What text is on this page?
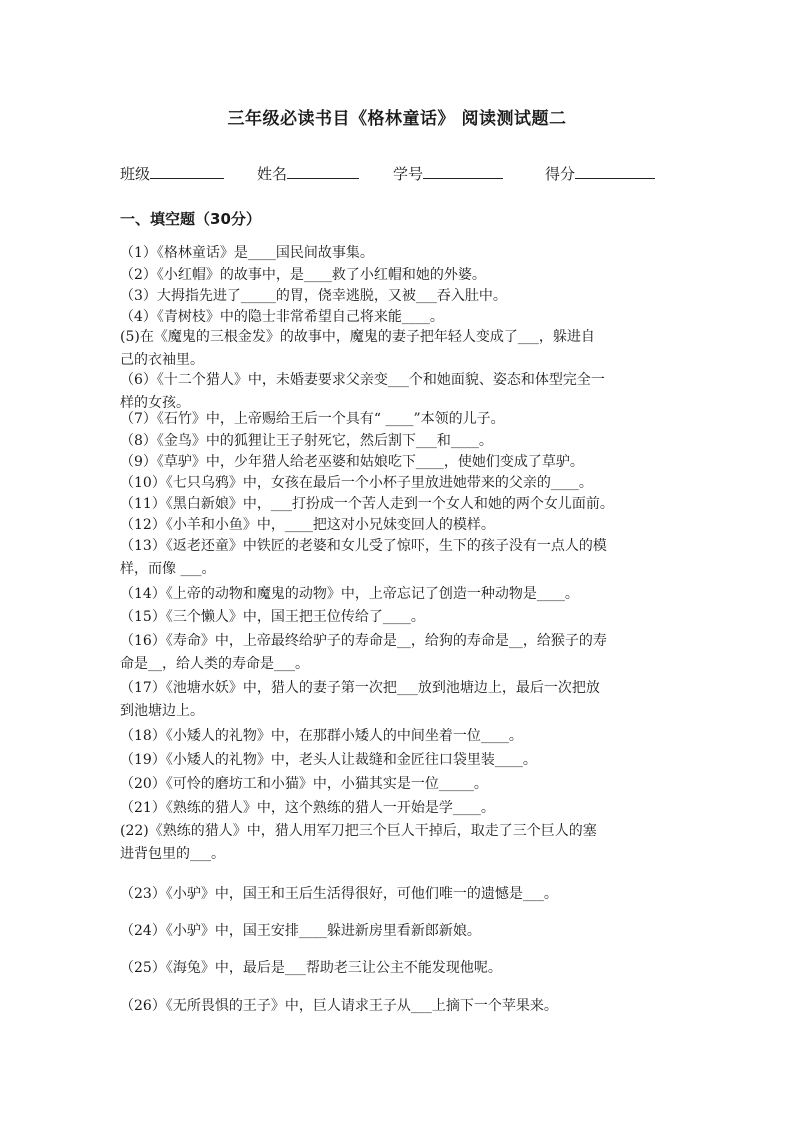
三年级必读书目《格林童话》 阅读测试题二
班级	姓名	学号	得分
一、填空题（30分）
（1）《格林童话》是____国民间故事集。
（2）《小红帽》的故事中，是____救了小红帽和她的外婆。
（3）大拇指先进了_____的胃，侥幸逃脱，又被___吞入肚中。
（4）《青树枝》中的隐士非常希望自己将来能____。
(5)在《魔鬼的三根金发》的故事中，魔鬼的妻子把年轻人变成了___，躲进自
己的衣袖里。
（6）《十二个猎人》中，未婚妻要求父亲变___个和她面貌、姿态和体型完全一
样的女孩。
（7）《石竹》中，上帝赐给王后一个具有“ ____”本领的儿子。
（8）《金鸟》中的狐狸让王子射死它，然后割下___和____。
（9）《草驴》中，少年猎人给老巫婆和姑娘吃下____，使她们变成了草驴。
（10）《七只乌鸦》中，女孩在最后一个小杯子里放进她带来的父亲的____。
（11）《黑白新娘》中，___打扮成一个苦人走到一个女人和她的两个女儿面前。
（12）《小羊和小鱼》中，____把这对小兄妹变回人的模样。
（13）《返老还童》中铁匠的老婆和女儿受了惊吓，生下的孩子没有一点人的模
样，而像 ___。
（14）《上帝的动物和魔鬼的动物》中，上帝忘记了创造一种动物是____。
（15）《三个懒人》中，国王把王位传给了____。
（16）《寿命》中，上帝最终给驴子的寿命是__，给狗的寿命是__，给猴子的寿
命是__，给人类的寿命是___。
（17）《池塘水妖》中，猎人的妻子第一次把___放到池塘边上，最后一次把放
到池塘边上。
（18）《小矮人的礼物》中，在那群小矮人的中间坐着一位____。
（19）《小矮人的礼物》中，老头人让裁缝和金匠往口袋里装____。
（20）《可怜的磨坊工和小猫》中，小猫其实是一位_____。
（21）《熟练的猎人》中，这个熟练的猎人一开始是学____。
(22)《熟练的猎人》中，猎人用军刀把三个巨人干掉后，取走了三个巨人的塞
进背包里的___。
（23）《小驴》中，国王和王后生活得很好，可他们唯一的遗憾是___。
（24）《小驴》中，国王安排____躲进新房里看新郎新娘。
（25）《海兔》中，最后是___帮助老三让公主不能发现他呢。
（26）《无所畏惧的王子》中，巨人请求王子从___上摘下一个苹果来。
